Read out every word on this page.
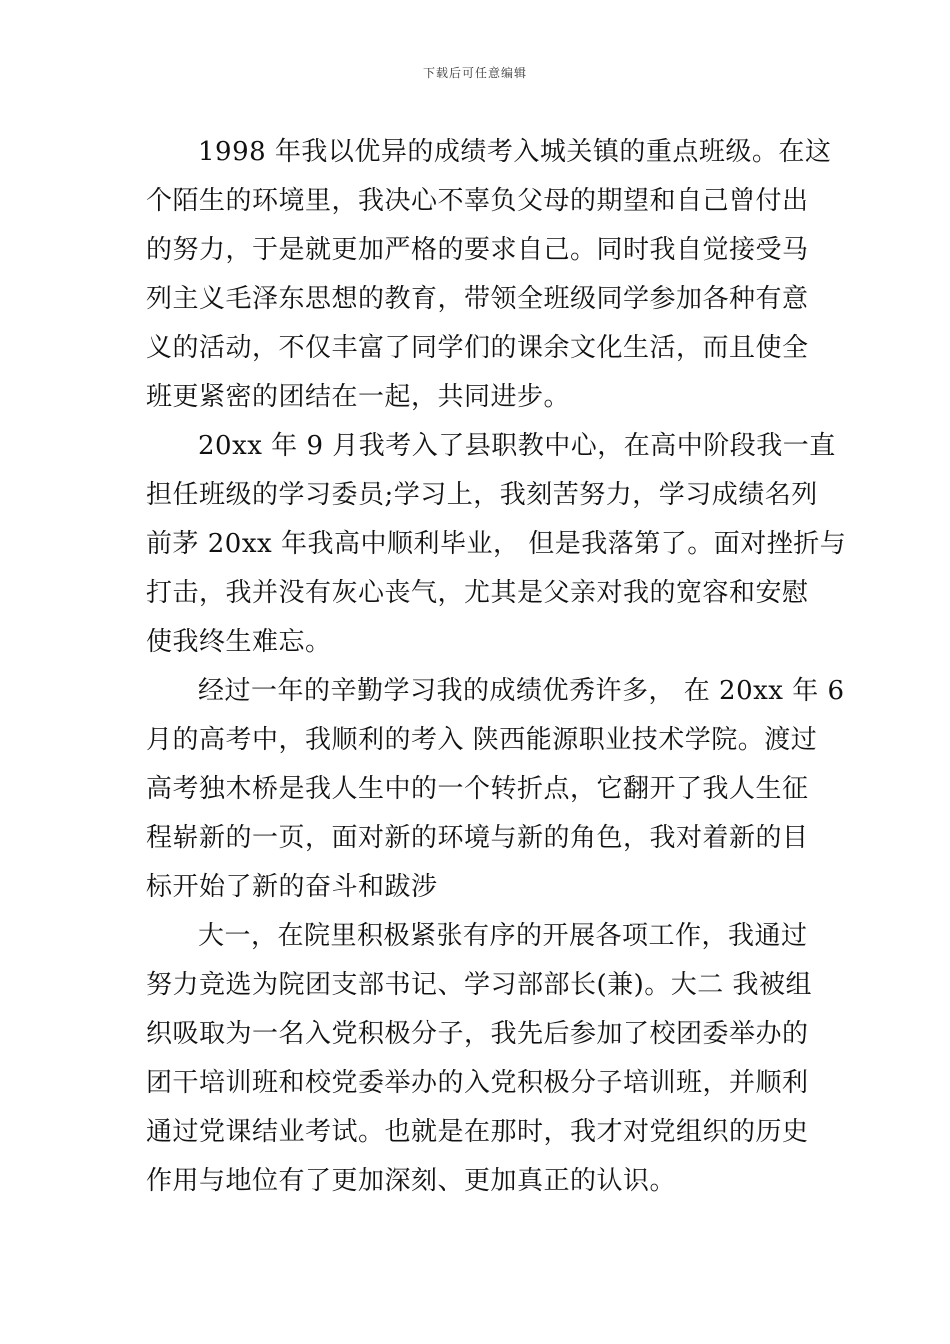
下载后可任意编辑
1998 年我以优异的成绩考入城关镇的重点班级。在这
个陌生的环境里，我决心不辜负父母的期望和自己曾付出
的努力，于是就更加严格的要求自己。同时我自觉接受马
列主义毛泽东思想的教育，带领全班级同学参加各种有意
义的活动，不仅丰富了同学们的课余文化生活，而且使全
班更紧密的团结在一起，共同进步。
20xx 年 9 月我考入了县职教中心，在高中阶段我一直
担任班级的学习委员;学习上，我刻苦努力，学习成绩名列
前茅 20xx 年我高中顺利毕业， 但是我落第了。面对挫折与
打击，我并没有灰心丧气，尤其是父亲对我的宽容和安慰
使我终生难忘。
经过一年的辛勤学习我的成绩优秀许多， 在 20xx 年 6
月的高考中，我顺利的考入 陕西能源职业技术学院。渡过
高考独木桥是我人生中的一个转折点，它翻开了我人生征
程崭新的一页，面对新的环境与新的角色，我对着新的目
标开始了新的奋斗和跋涉
大一，在院里积极紧张有序的开展各项工作，我通过
努力竞选为院团支部书记、学习部部长(兼)。大二 我被组
织吸取为一名入党积极分子，我先后参加了校团委举办的
团干培训班和校党委举办的入党积极分子培训班，并顺利
通过党课结业考试。也就是在那时，我才对党组织的历史
作用与地位有了更加深刻、更加真正的认识。
